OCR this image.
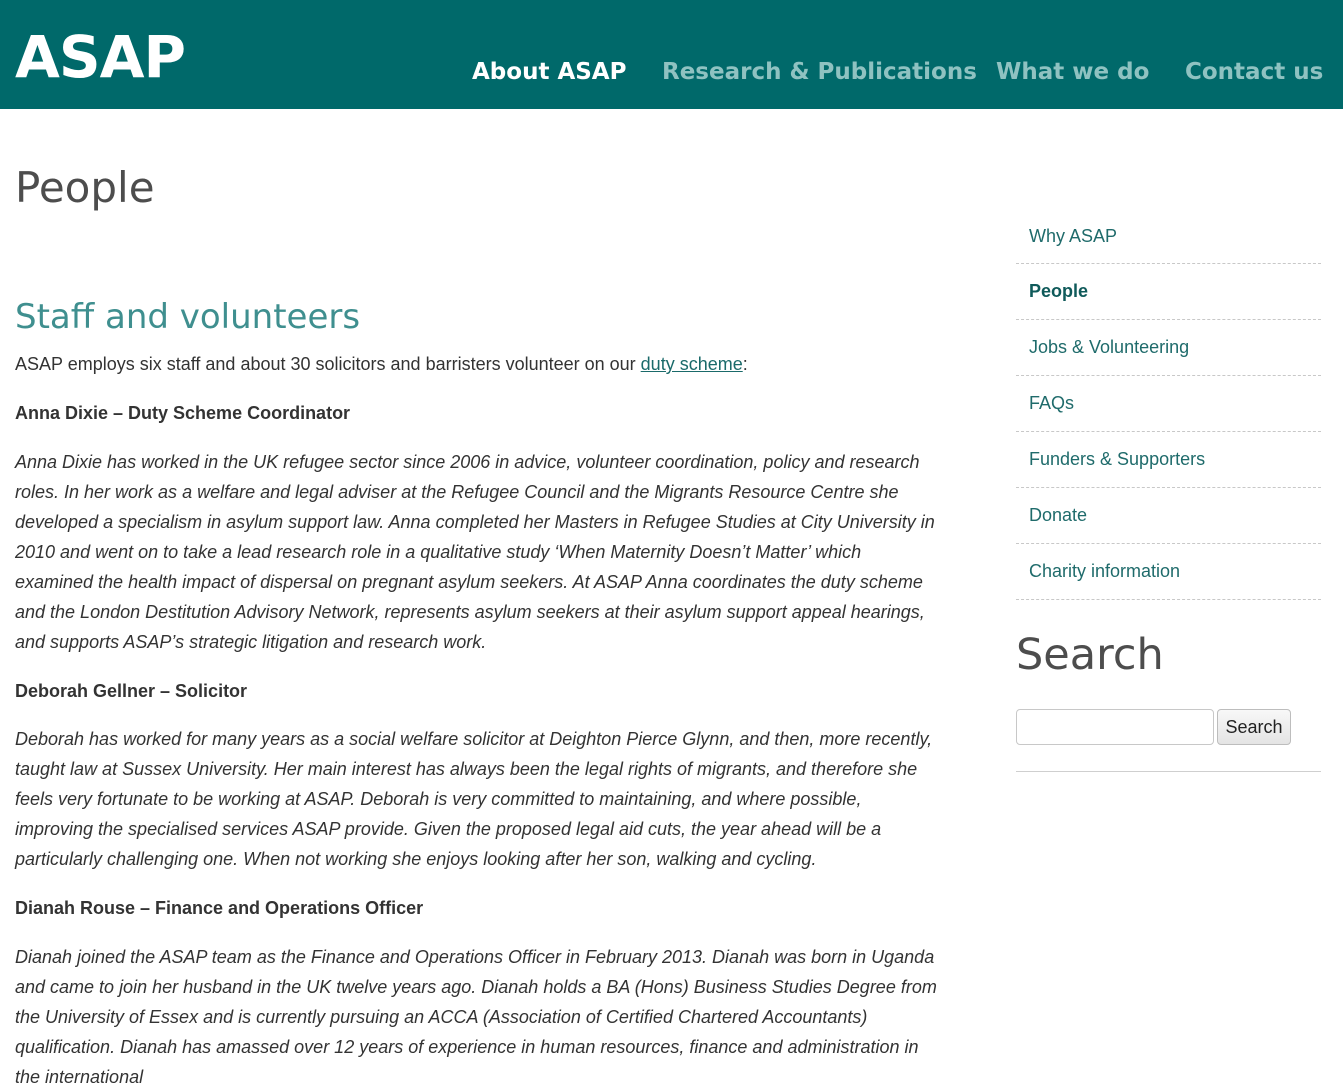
ASAP	About ASAP Research & Publications What we do Contact us
People
Staff and volunteers

ASAP employs six staff and about 30 solicitors and barristers volunteer on our duty scheme:

Anna Dixie – Duty Scheme Coordinator

Anna Dixie has worked in the UK refugee sector since 2006 in advice, volunteer coordination, policy and research roles. In her work as a welfare and legal adviser at the Refugee Council and the Migrants Resource Centre she developed a specialism in asylum support law. Anna completed her Masters in Refugee Studies at City University in 2010 and went on to take a lead research role in a qualitative study ‘When Maternity Doesn’t Matter’ which examined the health impact of dispersal on pregnant asylum seekers. At ASAP Anna coordinates the duty scheme and the London Destitution Advisory Network, represents asylum seekers at their asylum support appeal hearings, and supports ASAP’s strategic litigation and research work.

Deborah Gellner – Solicitor

Deborah has worked for many years as a social welfare solicitor at Deighton Pierce Glynn, and then, more recently, taught law at Sussex University. Her main interest has always been the legal rights of migrants, and therefore she feels very fortunate to be working at ASAP. Deborah is very committed to maintaining, and where possible, improving the specialised services ASAP provide. Given the proposed legal aid cuts, the year ahead will be a particularly challenging one. When not working she enjoys looking after her son, walking and cycling.

Dianah Rouse – Finance and Operations Officer

Dianah joined the ASAP team as the Finance and Operations Officer in February 2013. Dianah was born in Uganda and came to join her husband in the UK twelve years ago. Dianah holds a BA (Hons) Business Studies Degree from the University of Essex and is currently pursuing an ACCA (Association of Certified Chartered Accountants) qualification. Dianah has amassed over 12 years of experience in human resources, finance and administration in the international

Why ASAP
People
Jobs & Volunteering
FAQs
Funders & Supporters
Donate
Charity information
Search
Search
